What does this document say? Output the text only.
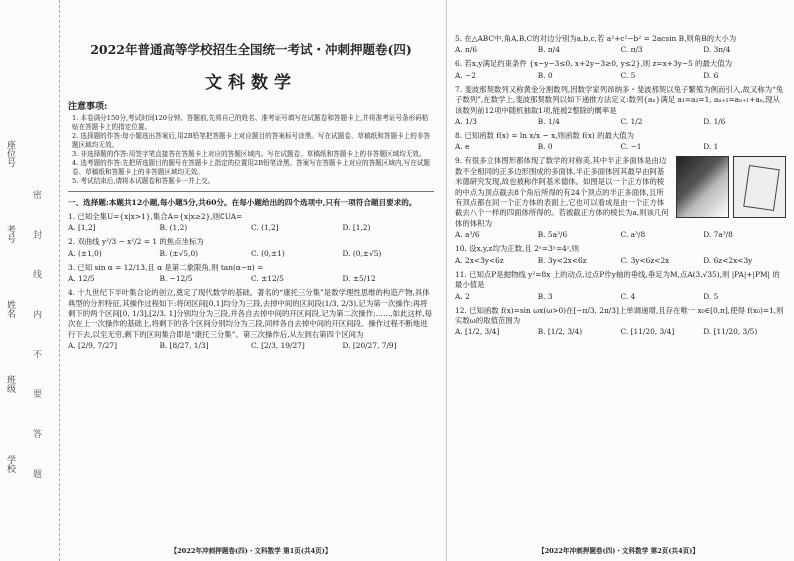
座位号
考号
姓名
班级
学校 密 封 线 内 不 要 答 题
2022年普通高等学校招生全国统一考试・冲刺押题卷(四)
文科数学
注意事项:

1. 本卷满分150分,考试时间120分钟。答题前,先将自己的姓名、准考证号填写在试题卷和答题卡上,并将准考证号条形码粘贴在答题卡上的指定位置。

2. 选择题的作答:每小题选出答案后,用2B铅笔把答题卡上对应题目的答案标号涂黑。写在试题卷、草稿纸和答题卡上的非答题区域均无效。

3. 非选择题的作答:用签字笔直接答在答题卡上对应的答题区域内。写在试题卷、草稿纸和答题卡上的非答题区域均无效。

4. 选考题的作答:先把所选题目的题号在答题卡上指定的位置用2B铅笔涂黑。答案写在答题卡上对应的答题区域内,写在试题卷、草稿纸和答题卡上的非答题区域均无效。

5. 考试结束后,请将本试题卷和答题卡一并上交。

一、选择题:本题共12小题,每小题5分,共60分。在每小题给出的四个选项中,只有一项符合题目要求的。
1. 已知全集U={x|x>1},集合A={x|x≥2},则∁UA=
A. [1,2]	B. (1,2)	C. (1,2]	D. [1,2)
2. 双曲线 y²/3 − x²/2 = 1 的焦点坐标为
A. (±1,0)	B. (±√5,0)	C. (0,±1)	D. (0,±√5)
3. 已知 sin α = 12/13,且 α 是第二象限角,则 tan(α−π) =
A. 12/5	B. −12/5	C. ±12/5	D. ±5/12
4. 十九世纪下半叶集合论的创立,奠定了现代数学的基础。著名的“康托三分集”是数学理性思维的构造产物,具体典型的分形特征,其操作过程如下:将闭区间[0,1]均分为三段,去掉中间的区间段(1/3, 2/3),记为第一次操作;再将剩下的两个区间[0, 1/3],[2/3, 1]分别均分为三段,并各自去掉中间的开区间段,记为第二次操作;……,如此这样,每次在上一次操作的基础上,将剩下的各个区间分别均分为三段,同样各自去掉中间的开区间段。操作过程不断地进行下去,以至无穷,剩下的区间集合即是“康托三分集”。第三次操作后,从左到右第四个区间为
A. [2/9, 7/27]	B. [8/27, 1/3]	C. [2/3, 19/27]	D. [20/27, 7/9]
【2022年冲刺押题卷(四)・文科数学 第1页(共4页)】
5. 在△ABC中,角A,B,C的对边分别为a,b,c,若 a²+c²−b² = 2acsin B,则角B的大小为
A. π/6	B. π/4	C. π/3	D. 3π/4
6. 若x,y满足约束条件 {x−y−3≤0, x+2y−3≥0, y≤2},则 z=x+3y−5 的最大值为
A. −2	B. 0	C. 5	D. 6
7. 斐波那契数列又称黄金分割数列,因数学家列昂纳多・斐波那契以兔子繁殖为例而引入,故又称为“兔子数列”,在数学上,斐波那契数列以如下递推方法定义:数列{aₙ}满足 a₁=a₂=1, aₙ₊₂=aₙ₊₁+aₙ,现从该数列前12项中随机抽取1项,能被2整除的概率是
A. 1/3	B. 1/4	C. 1/2	D. 1/6
8. 已知函数 f(x) = ln x/x − x,则函数 f(x) 的最大值为
A. e	B. 0	C. −1	D. 1
9. 有很多立体图形都体现了数学的对称美,其中半正多面体是由边数不全相同的正多边形围成的多面体,半正多面体因其最早由阿基米德研究发现,故也被称作阿基米德体。如图是以一个正方体的棱的中点为顶点截去8个角后所得的有24个顶点的半正多面体,且所有顶点都在同一个正方体的表面上,它也可以看成是由一个正方体截去八个一样的四面体所得的。若被截正方体的棱长为a,则该几何体的体积为
A. a³/6	B. 5a³/6	C. a³/8	D. 7a³/8
10. 设x,y,z均为正数,且 2ˣ=3ʸ=4ᶻ,则
A. 2x<3y<6z	B. 3y<2x<6z	C. 3y<6z<2x	D. 6z<2x<3y
11. 已知点P是抛物线 y²=8x 上的动点,过点P作y轴的垂线,垂足为M,点A(3,√35),则 |PA|+|PM| 的最小值是
A. 2	B. 3	C. 4	D. 5
12. 已知函数 f(x)=sin ωx(ω>0)在[−π/3, 2π/3]上单调递增,且存在唯一 x₀∈[0,π],使得 f(x₀)=1,则实数ω的取值范围为
A. [1/2, 3/4]	B. [1/2, 3/4)	C. [11/20, 3/4]	D. [11/20, 3/5)
【2022年冲刺押题卷(四)・文科数学 第2页(共4页)】
